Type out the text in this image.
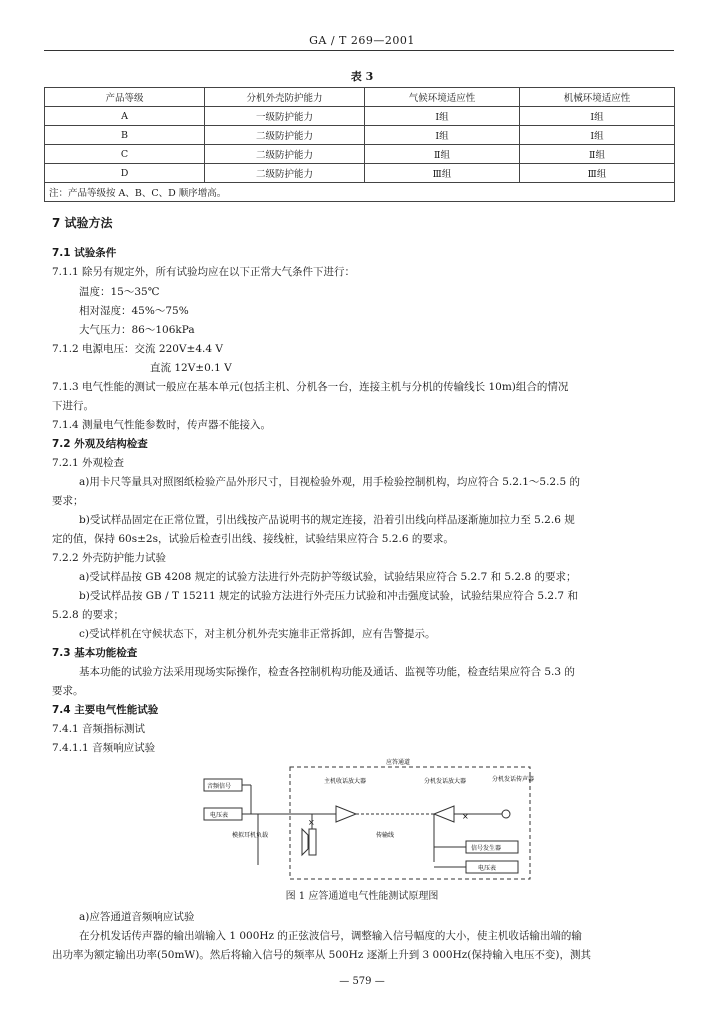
GA / T 269—2001
表 3
产品等级	分机外壳防护能力	气候环境适应性	机械环境适应性
A	一级防护能力	Ⅰ组	Ⅰ组
B	二级防护能力	Ⅰ组	Ⅰ组
C	二级防护能力	Ⅱ组	Ⅱ组
D	二级防护能力	Ⅲ组	Ⅲ组
注：产品等级按 A、B、C、D 顺序增高。			
7 试验方法
7.1 试验条件
7.1.1 除另有规定外，所有试验均应在以下正常大气条件下进行：
温度：15～35℃
相对湿度：45%～75%
大气压力：86～106kPa
7.1.2 电源电压：交流 220V±4.4 V
直流 12V±0.1 V
7.1.3 电气性能的测试一般应在基本单元(包括主机、分机各一台，连接主机与分机的传输线长 10m)组合的情况
下进行。
7.1.4 测量电气性能参数时，传声器不能接入。
7.2 外观及结构检查
7.2.1 外观检查
a)用卡尺等量具对照图纸检验产品外形尺寸，目视检验外观，用手检验控制机构，均应符合 5.2.1～5.2.5 的
要求；
b)受试样品固定在正常位置，引出线按产品说明书的规定连接，沿着引出线向样品逐渐施加拉力至 5.2.6 规
定的值，保持 60s±2s，试验后检查引出线、接线桩，试验结果应符合 5.2.6 的要求。
7.2.2 外壳防护能力试验
a)受试样品按 GB 4208 规定的试验方法进行外壳防护等级试验，试验结果应符合 5.2.7 和 5.2.8 的要求；
b)受试样品按 GB / T 15211 规定的试验方法进行外壳压力试验和冲击强度试验，试验结果应符合 5.2.7 和
5.2.8 的要求；
c)受试样机在守候状态下，对主机分机外壳实施非正常拆卸，应有告警提示。
7.3 基本功能检查
基本功能的试验方法采用现场实际操作，检查各控制机构功能及通话、监视等功能，检查结果应符合 5.3 的
要求。
7.4 主要电气性能试验
7.4.1 音频指标测试
7.4.1.1 音频响应试验
应答通道
音频信号
电压表
主机收话放大器
传输线
分机发话放大器
×
分机发话传声器
模拟耳机负载
×
信号发生器
电压表
图 1 应答通道电气性能测试原理图
a)应答通道音频响应试验
在分机发话传声器的输出端输入 1 000Hz 的正弦波信号，调整输入信号幅度的大小，使主机收话输出端的输
出功率为额定输出功率(50mW)。然后将输入信号的频率从 500Hz 逐渐上升到 3 000Hz(保持输入电压不变)，测其
— 579 —
